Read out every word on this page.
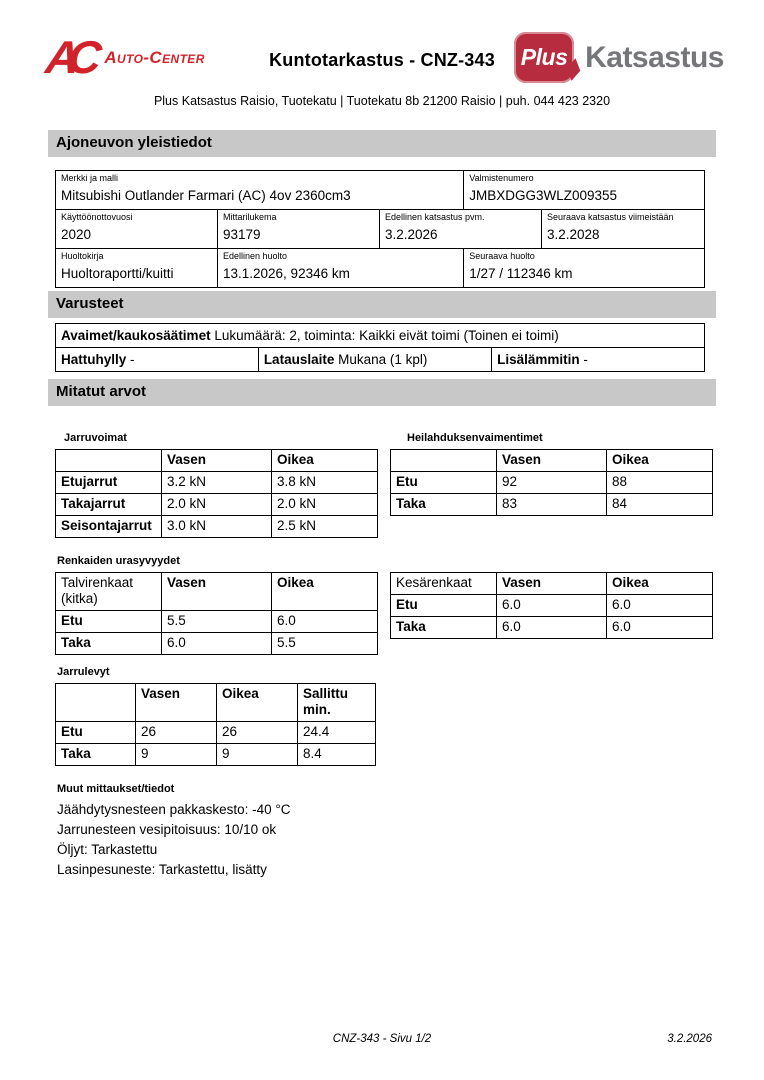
AC Auto-Center	Kuntotarkastus - CNZ-343	Plus Katsastus
Plus Katsastus Raisio, Tuotekatu | Tuotekatu 8b 21200 Raisio | puh. 044 423 2320
Ajoneuvon yleistiedot
Merkki ja malli
Mitsubishi Outlander Farmari (AC) 4ov 2360cm3
Valmistenumero
JMBXDGG3WLZ009355
Käyttöönottovuosi
2020
Mittarilukema
93179
Edellinen katsastus pvm.
3.2.2026
Seuraava katsastus viimeistään
3.2.2028
Huoltokirja
Huoltoraportti/kuitti
Edellinen huolto
13.1.2026, 92346 km
Seuraava huolto
1/27 / 112346 km
Varusteet
Avaimet/kaukosäätimet Lukumäärä: 2, toiminta: Kaikki eivät toimi (Toinen ei toimi)
Hattuhylly -	Latauslaite Mukana (1 kpl)	Lisälämmitin -
Mitatut arvot
Jarruvoimat	Heilahduksenvaimentimet
	Vasen	Oikea
Etujarrut	3.2 kN	3.8 kN
Takajarrut	2.0 kN	2.0 kN
Seisontajarrut	3.0 kN	2.5 kN
	Vasen	Oikea
Etu	92	88
Taka	83	84
Renkaiden urasyvyydet
Talvirenkaat (kitka)	Vasen	Oikea
Etu	5.5	6.0
Taka	6.0	5.5
Kesärenkaat	Vasen	Oikea
Etu	6.0	6.0
Taka	6.0	6.0
Jarrulevyt
	Vasen	Oikea	Sallittu min.
Etu	26	26	24.4
Taka	9	9	8.4
Muut mittaukset/tiedot
Jäähdytysnesteen pakkaskesto: -40 °C
Jarrunesteen vesipitoisuus: 10/10 ok
Öljyt: Tarkastettu
Lasinpesuneste: Tarkastettu, lisätty
CNZ-343 - Sivu 1/2	3.2.2026
